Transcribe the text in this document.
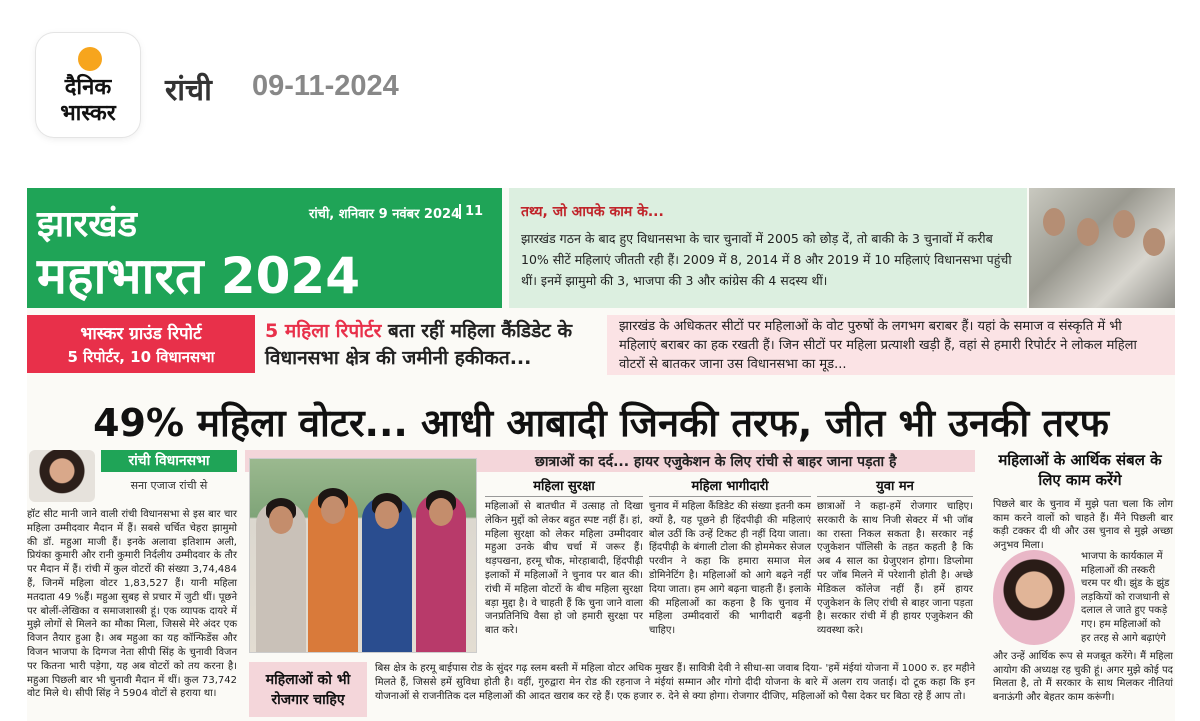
दैनिक
भास्कर
रांची 09-11-2024
झारखंड
महाभारत 2024
रांची, शनिवार 9 नवंबर 2024 11	तथ्य, जो आपके काम के...
झारखंड गठन के बाद हुए विधानसभा के चार चुनावों में 2005 को छोड़ दें, तो बाकी के 3 चुनावों में करीब 10% सीटें महिलाएं जीतती रही हैं। 2009 में 8, 2014 में 8 और 2019 में 10 महिलाएं विधानसभा पहुंची थीं। इनमें झामुमो की 3, भाजपा की 3 और कांग्रेस की 4 सदस्य थीं।
भास्कर ग्राउंड रिपोर्ट
5 रिपोर्टर, 10 विधानसभा
5 महिला रिपोर्टर बता रहीं महिला कैंडिडेट के विधानसभा क्षेत्र की जमीनी हकीकत...
झारखंड के अधिकतर सीटों पर महिलाओं के वोट पुरुषों के लगभग बराबर हैं। यहां के समाज व संस्कृति में भी महिलाएं बराबर का हक रखती हैं। जिन सीटों पर महिला प्रत्याशी खड़ी हैं, वहां से हमारी रिपोर्टर ने लोकल महिला वोटरों से बातकर जाना उस विधानसभा का मूड...
49% महिला वोटर... आधी आबादी जिनकी तरफ, जीत भी उनकी तरफ
रांची विधानसभा
सना एजाज रांची से
हॉट सीट मानी जाने वाली रांची विधानसभा से इस बार चार महिला उम्मीदवार मैदान में हैं। सबसे चर्चित चेहरा झामुमो की डॉ. महुआ माजी हैं। इनके अलावा इतिशाम अली, प्रियंका कुमारी और रानी कुमारी निर्दलीय उम्मीदवार के तौर पर मैदान में हैं। रांची में कुल वोटरों की संख्या 3,74,484 हैं, जिनमें महिला वोटर 1,83,527 हैं। यानी महिला मतदाता 49 %हैं। महुआ सुबह से प्रचार में जुटी थीं। पूछने पर बोलीं-लेखिका व समाजशास्त्री हूं। एक व्यापक दायरे में मुझे लोगों से मिलने का मौका मिला, जिससे मेरे अंदर एक विजन तैयार हुआ है। अब महुआ का यह कॉन्फिडेंस और विजन भाजपा के दिग्गज नेता सीपी सिंह के चुनावी विजन पर कितना भारी पड़ेगा, यह अब वोटरों को तय करना है। महुआ पिछली बार भी चुनावी मैदान में थीं। कुल 73,742 वोट मिले थे। सीपी सिंह ने 5904 वोटों से हराया था।
छात्राओं का दर्द... हायर एजुकेशन के लिए रांची से बाहर जाना पड़ता है
महिला सुरक्षा
महिलाओं से बातचीत में उत्साह तो दिखा लेकिन मुद्दों को लेकर बहुत स्पष्ट नहीं हैं। हां, महिला सुरक्षा को लेकर महिला उम्मीदवार महुआ उनके बीच चर्चा में जरूर हैं। थड़पखना, हरमू चौक, मोरहाबादी, हिंदपीढ़ी इलाकों में महिलाओं ने चुनाव पर बात की। रांची में महिला वोटरों के बीच महिला सुरक्षा बड़ा मुद्दा है। वे चाहती हैं कि चुना जाने वाला जनप्रतिनिधि वैसा हो जो हमारी सुरक्षा पर बात करे।
महिला भागीदारी
चुनाव में महिला कैंडिडेट की संख्या इतनी कम क्यों है, यह पूछने ही हिंदपीढ़ी की महिलाएं बोल उठीं कि उन्हें टिकट ही नहीं दिया जाता। हिंदपीढ़ी के बंगाली टोला की होममेकर सेजल परवीन ने कहा कि हमारा समाज मेल डोमिनेटिंग है। महिलाओं को आगे बढ़ने नहीं दिया जाता। हम आगे बढ़ना चाहती हैं। इलाके की महिलाओं का कहना है कि चुनाव में महिला उम्मीदवारों की भागीदारी बढ़नी चाहिए।
युवा मन
छात्राओं ने कहा-हमें रोजगार चाहिए। सरकारी के साथ निजी सेक्टर में भी जॉब का रास्ता निकल सकता है। सरकार नई एजुकेशन पॉलिसी के तहत कहती है कि अब 4 साल का ग्रेजुएशन होगा। डिप्लोमा पर जॉब मिलने में परेशानी होती है। अच्छे मेडिकल कॉलेज नहीं हैं। हमें हायर एजुकेशन के लिए रांची से बाहर जाना पड़ता है। सरकार रांची में ही हायर एजुकेशन की व्यवस्था करे।
महिलाओं को भी रोजगार चाहिए
बिस क्षेत्र के हरमू बाईपास रोड के सुंदर गढ़ स्लम बस्ती में महिला वोटर अधिक मुखर हैं। सावित्री देवी ने सीधा-सा जवाब दिया- 'हमें मंईयां योजना में 1000 रु. हर महीने मिलते हैं, जिससे हमें सुविधा होती है। वहीं, गुरुद्वारा मेन रोड की रहनाज ने मंईयां सम्मान और गोगो दीदी योजना के बारे में अलग राय जताई। दो टूक कहा कि इन योजनाओं से राजनीतिक दल महिलाओं की आदत खराब कर रहे हैं। एक हजार रु. देने से क्या होगा। रोजगार दीजिए, महिलाओं को पैसा देकर घर बिठा रहे हैं आप तो।
महिलाओं के आर्थिक संबल के लिए काम करेंगे
पिछले बार के चुनाव में मुझे पता चला कि लोग काम करने वालों को चाहते हैं। मैंने पिछली बार कड़ी टक्कर दी थी और उस चुनाव से मुझे अच्छा अनुभव मिला।
भाजपा के कार्यकाल में महिलाओं की तस्करी चरम पर थी। झुंड के झुंड लड़कियों को राजधानी से दलाल ले जाते हुए पकड़े गए। हम महिलाओं को हर तरह से आगे बढ़ाएंगे
और उन्हें आर्थिक रूप से मजबूत करेंगे। मैं महिला आयोग की अध्यक्ष रह चुकी हूं। अगर मुझे कोई पद मिलता है, तो मैं सरकार के साथ मिलकर नीतियां बनाऊंगी और बेहतर काम करूंगी।
